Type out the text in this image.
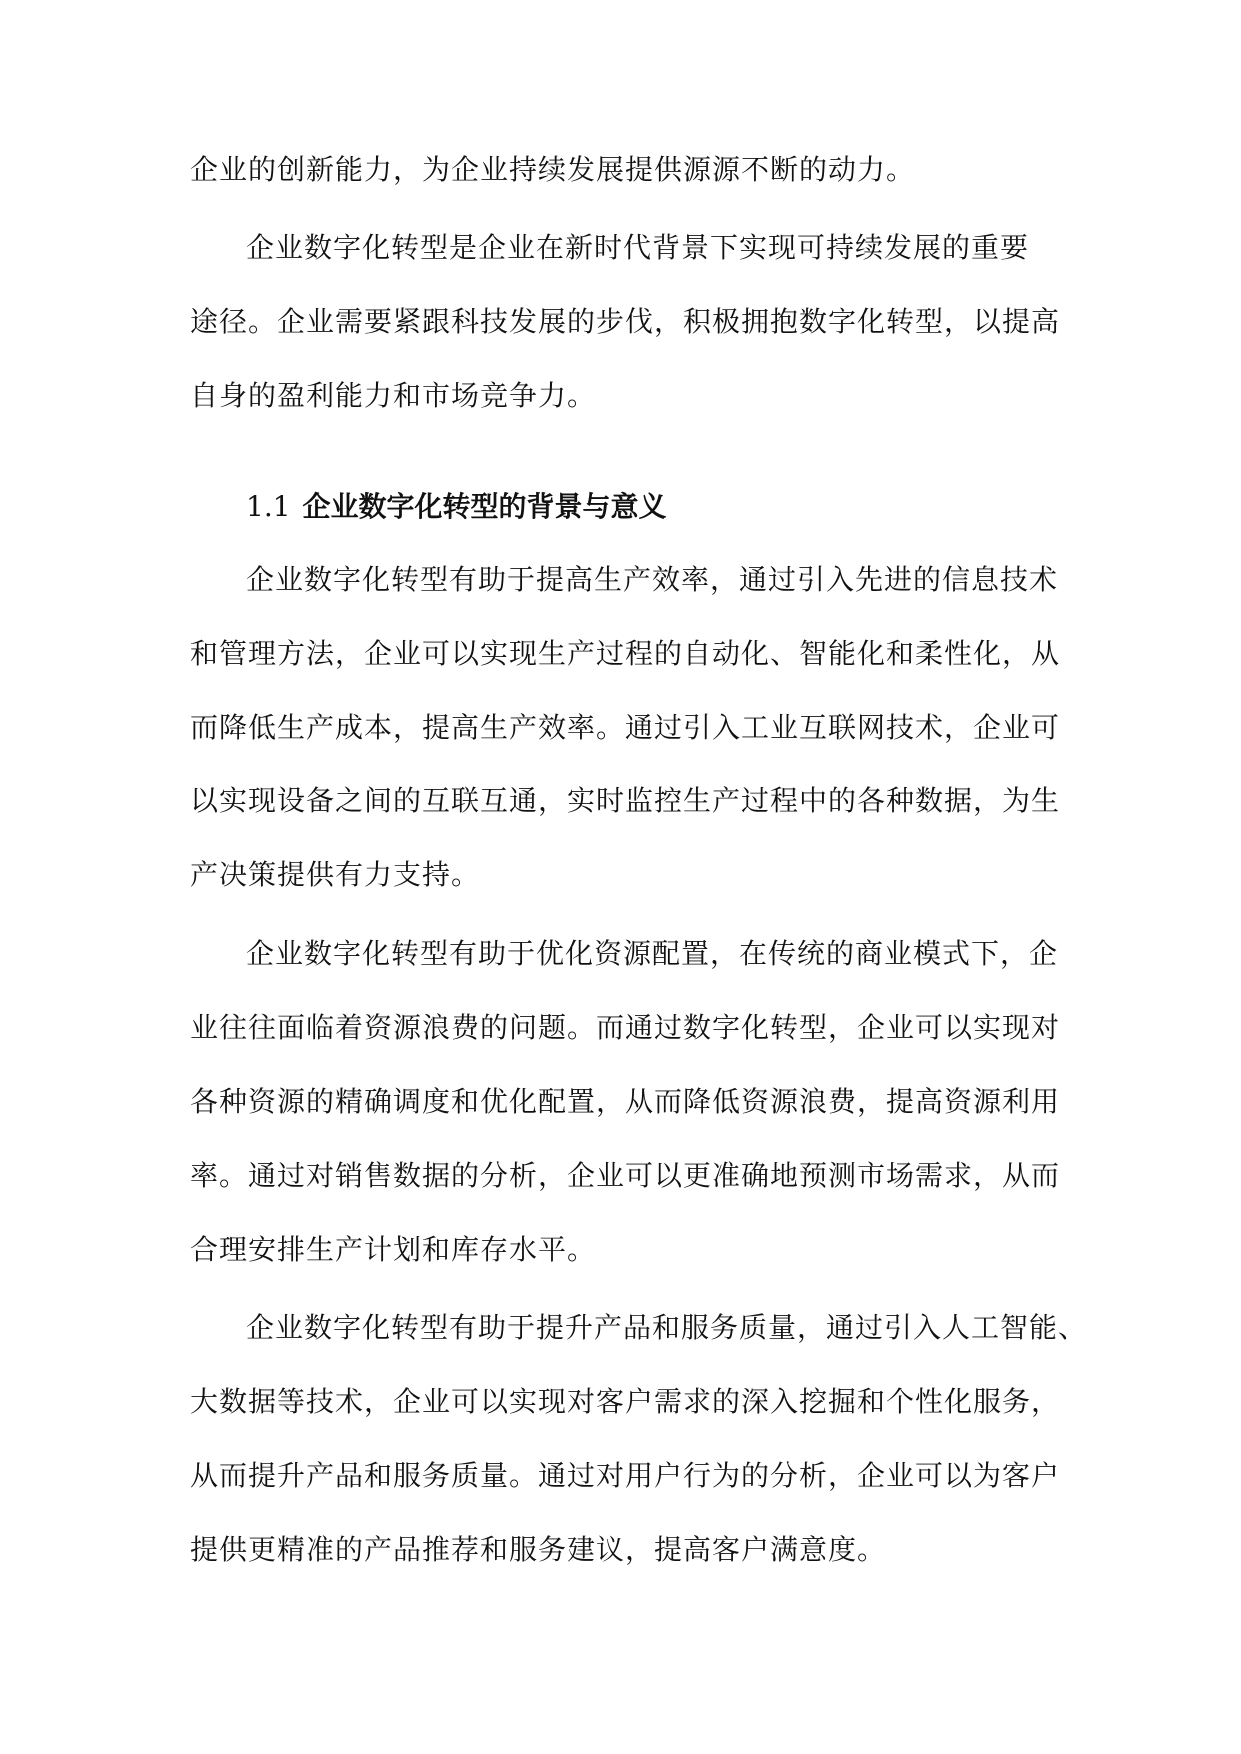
企业的创新能力，为企业持续发展提供源源不断的动力。

企业数字化转型是企业在新时代背景下实现可持续发展的重要

途径。企业需要紧跟科技发展的步伐，积极拥抱数字化转型，以提高

自身的盈利能力和市场竞争力。

1.1 企业数字化转型的背景与意义

企业数字化转型有助于提高生产效率，通过引入先进的信息技术

和管理方法，企业可以实现生产过程的自动化、智能化和柔性化，从

而降低生产成本，提高生产效率。通过引入工业互联网技术，企业可

以实现设备之间的互联互通，实时监控生产过程中的各种数据，为生

产决策提供有力支持。

企业数字化转型有助于优化资源配置，在传统的商业模式下，企

业往往面临着资源浪费的问题。而通过数字化转型，企业可以实现对

各种资源的精确调度和优化配置，从而降低资源浪费，提高资源利用

率。通过对销售数据的分析，企业可以更准确地预测市场需求，从而

合理安排生产计划和库存水平。

企业数字化转型有助于提升产品和服务质量，通过引入人工智能、

大数据等技术，企业可以实现对客户需求的深入挖掘和个性化服务，

从而提升产品和服务质量。通过对用户行为的分析，企业可以为客户

提供更精准的产品推荐和服务建议，提高客户满意度。
